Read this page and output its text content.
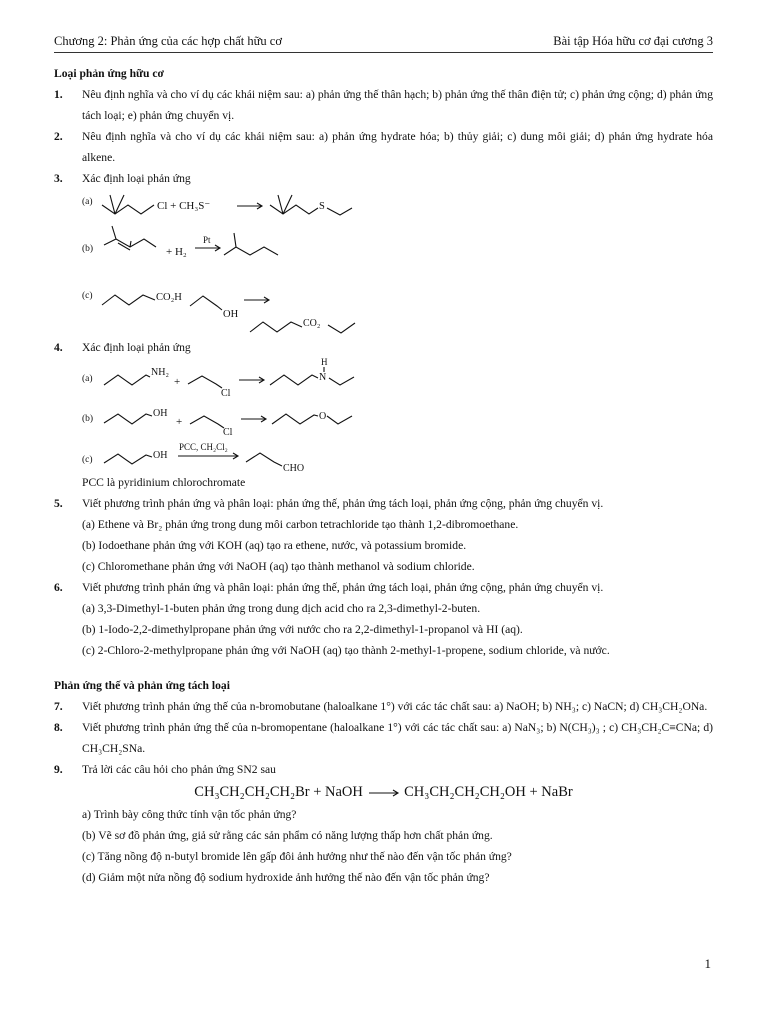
Chương 2: Phản ứng của các hợp chất hữu cơ	Bài tập Hóa hữu cơ đại cương 3

Loại phản ứng hữu cơ

1. Nêu định nghĩa và cho ví dụ các khái niệm sau: a) phản ứng thế thân hạch; b) phản ứng thế thân điện tử; c) phản ứng cộng; d) phản ứng tách loại; e) phản ứng chuyển vị.
2. Nêu định nghĩa và cho ví dụ các khái niệm sau: a) phản ứng hydrate hóa; b) thủy giải; c) dung môi giải; d) phản ứng hydrate hóa alkene.
3. Xác định loại phản ứng
(a)	Cl + CH₃S⁻	S
(b)	+ H₂
Pt
(c)	CO₂H
OH
CO₂
4. Xác định loại phản ứng
(a)
NH₂
+
Cl
H
N
(b)	OH
+
Cl
O
(c)	OH
PCC, CH₂Cl₂
CHO
PCC là pyridinium chlorochromate
5. Viết phương trình phản ứng và phân loại: phản ứng thế, phản ứng tách loại, phản ứng cộng, phản ứng chuyển vị.
(a) Ethene và Br₂ phản ứng trong dung môi carbon tetrachloride tạo thành 1,2-dibromoethane.
(b) Iodoethane phản ứng với KOH (aq) tạo ra ethene, nước, và potassium bromide.
(c) Chloromethane phản ứng với NaOH (aq) tạo thành methanol và sodium chloride.
6. Viết phương trình phản ứng và phân loại: phản ứng thế, phản ứng tách loại, phản ứng cộng, phản ứng chuyển vị.
(a) 3,3-Dimethyl-1-buten phản ứng trong dung dịch acid cho ra 2,3-dimethyl-2-buten.
(b) 1-Iodo-2,2-dimethylpropane phản ứng với nước cho ra 2,2-dimethyl-1-propanol và HI (aq).
(c) 2-Chloro-2-methylpropane phản ứng với NaOH (aq) tạo thành 2-methyl-1-propene, sodium chloride, và nước.

Phản ứng thế và phản ứng tách loại

7. Viết phương trình phản ứng thế của n-bromobutane (haloalkane 1°) với các tác chất sau: a) NaOH; b) NH₃; c) NaCN; d) CH₃CH₂ONa.
8. Viết phương trình phản ứng thế của n-bromopentane (haloalkane 1°) với các tác chất sau: a) NaN₃; b) N(CH₃)₃ ; c) CH₃CH₂C≡CNa; d) CH₃CH₂SNa.
9. Trả lời các câu hỏi cho phản ứng SN2 sau
CH₃CH₂CH₂CH₂Br + NaOH	CH₃CH₂CH₂CH₂OH + NaBr
a) Trình bày công thức tính vận tốc phản ứng?
(b) Vẽ sơ đồ phản ứng, giả sử rằng các sản phẩm có năng lượng thấp hơn chất phản ứng.
(c) Tăng nồng độ n-butyl bromide lên gấp đôi ảnh hưởng như thế nào đến vận tốc phản ứng?
(d) Giảm một nửa nồng độ sodium hydroxide ảnh hưởng thế nào đến vận tốc phản ứng?
1
